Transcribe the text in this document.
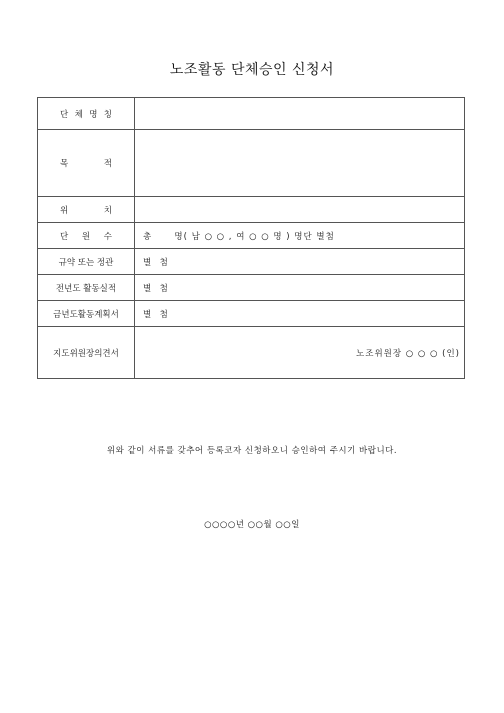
노조활동 단체승인 신청서
단 체 명 칭	

목 적	

위 치	

단 원 수	총      명( 남 ○ ○ , 여 ○ ○ 명 ) 명단 별첨
규약 또는 정관	별  첨
전년도 활동실적	별  첨
금년도활동계획서	별  첨
지도위원장의견서	노조위원장 ○ ○ ○ (인)
위와 같이 서류를 갖추어 등록코자 신청하오니 승인하여 주시기 바랍니다.
○○○○년 ○○월 ○○일
